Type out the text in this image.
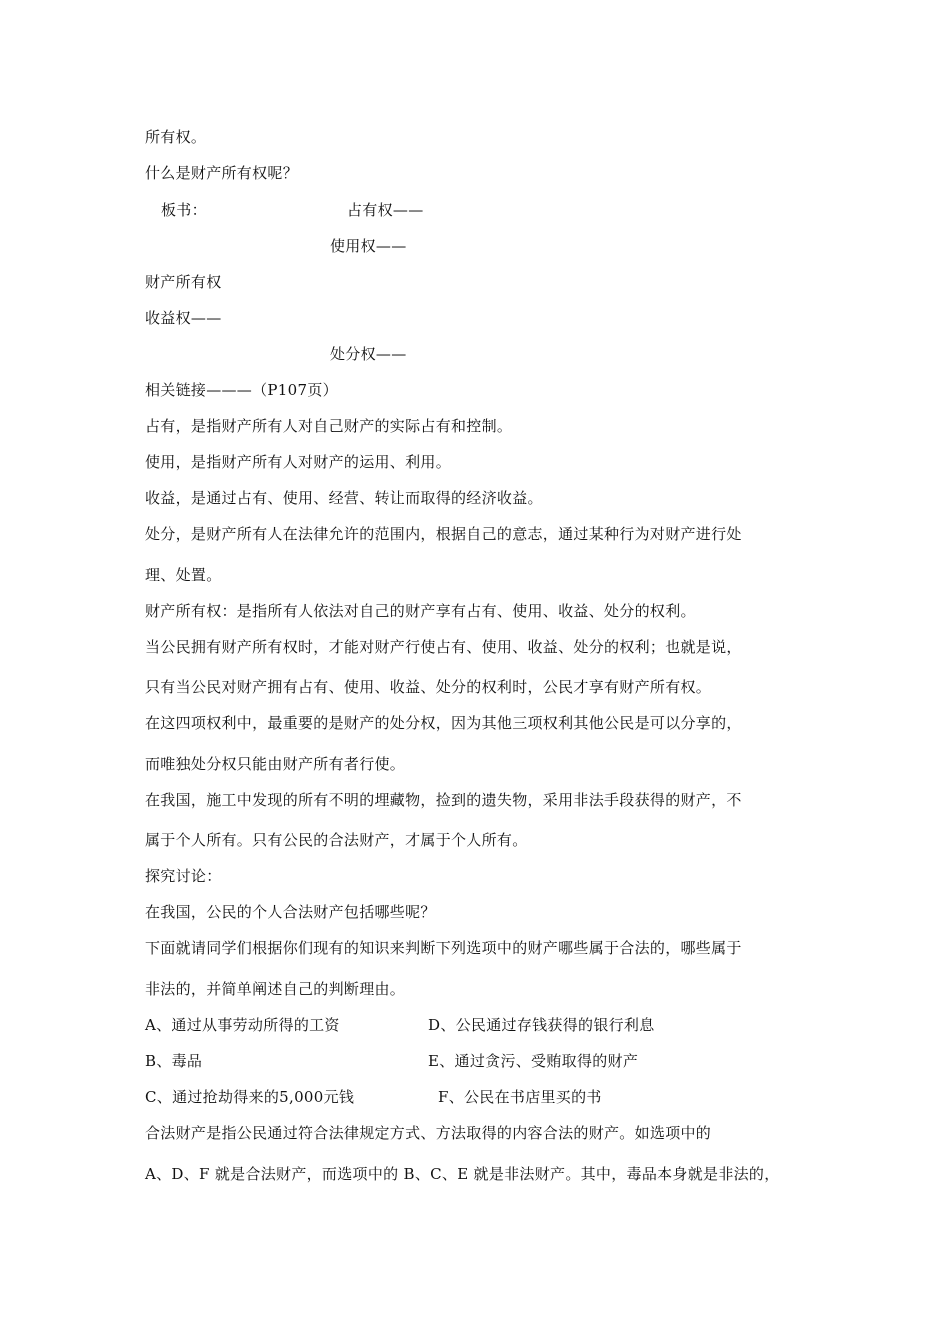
所有权。
什么是财产所有权呢？
板书：	占有权——
使用权——
财产所有权
收益权——
处分权——
相关链接———（P107页）
占有，是指财产所有人对自己财产的实际占有和控制。
使用，是指财产所有人对财产的运用、利用。
收益，是通过占有、使用、经营、转让而取得的经济收益。
处分，是财产所有人在法律允许的范围内，根据自己的意志，通过某种行为对财产进行处
理、处置。
财产所有权：是指所有人依法对自己的财产享有占有、使用、收益、处分的权利。
当公民拥有财产所有权时，才能对财产行使占有、使用、收益、处分的权利；也就是说，
只有当公民对财产拥有占有、使用、收益、处分的权利时，公民才享有财产所有权。
在这四项权利中，最重要的是财产的处分权，因为其他三项权利其他公民是可以分享的，
而唯独处分权只能由财产所有者行使。
在我国，施工中发现的所有不明的埋藏物，捡到的遗失物，采用非法手段获得的财产，不
属于个人所有。只有公民的合法财产，才属于个人所有。
探究讨论：
在我国，公民的个人合法财产包括哪些呢？
下面就请同学们根据你们现有的知识来判断下列选项中的财产哪些属于合法的，哪些属于
非法的，并简单阐述自己的判断理由。
A、通过从事劳动所得的工资	D、公民通过存钱获得的银行利息
B、毒品	E、通过贪污、受贿取得的财产
C、通过抢劫得来的5,000元钱	F、公民在书店里买的书
合法财产是指公民通过符合法律规定方式、方法取得的内容合法的财产。如选项中的
A、D、F 就是合法财产，而选项中的 B、C、E 就是非法财产。其中，毒品本身就是非法的，
